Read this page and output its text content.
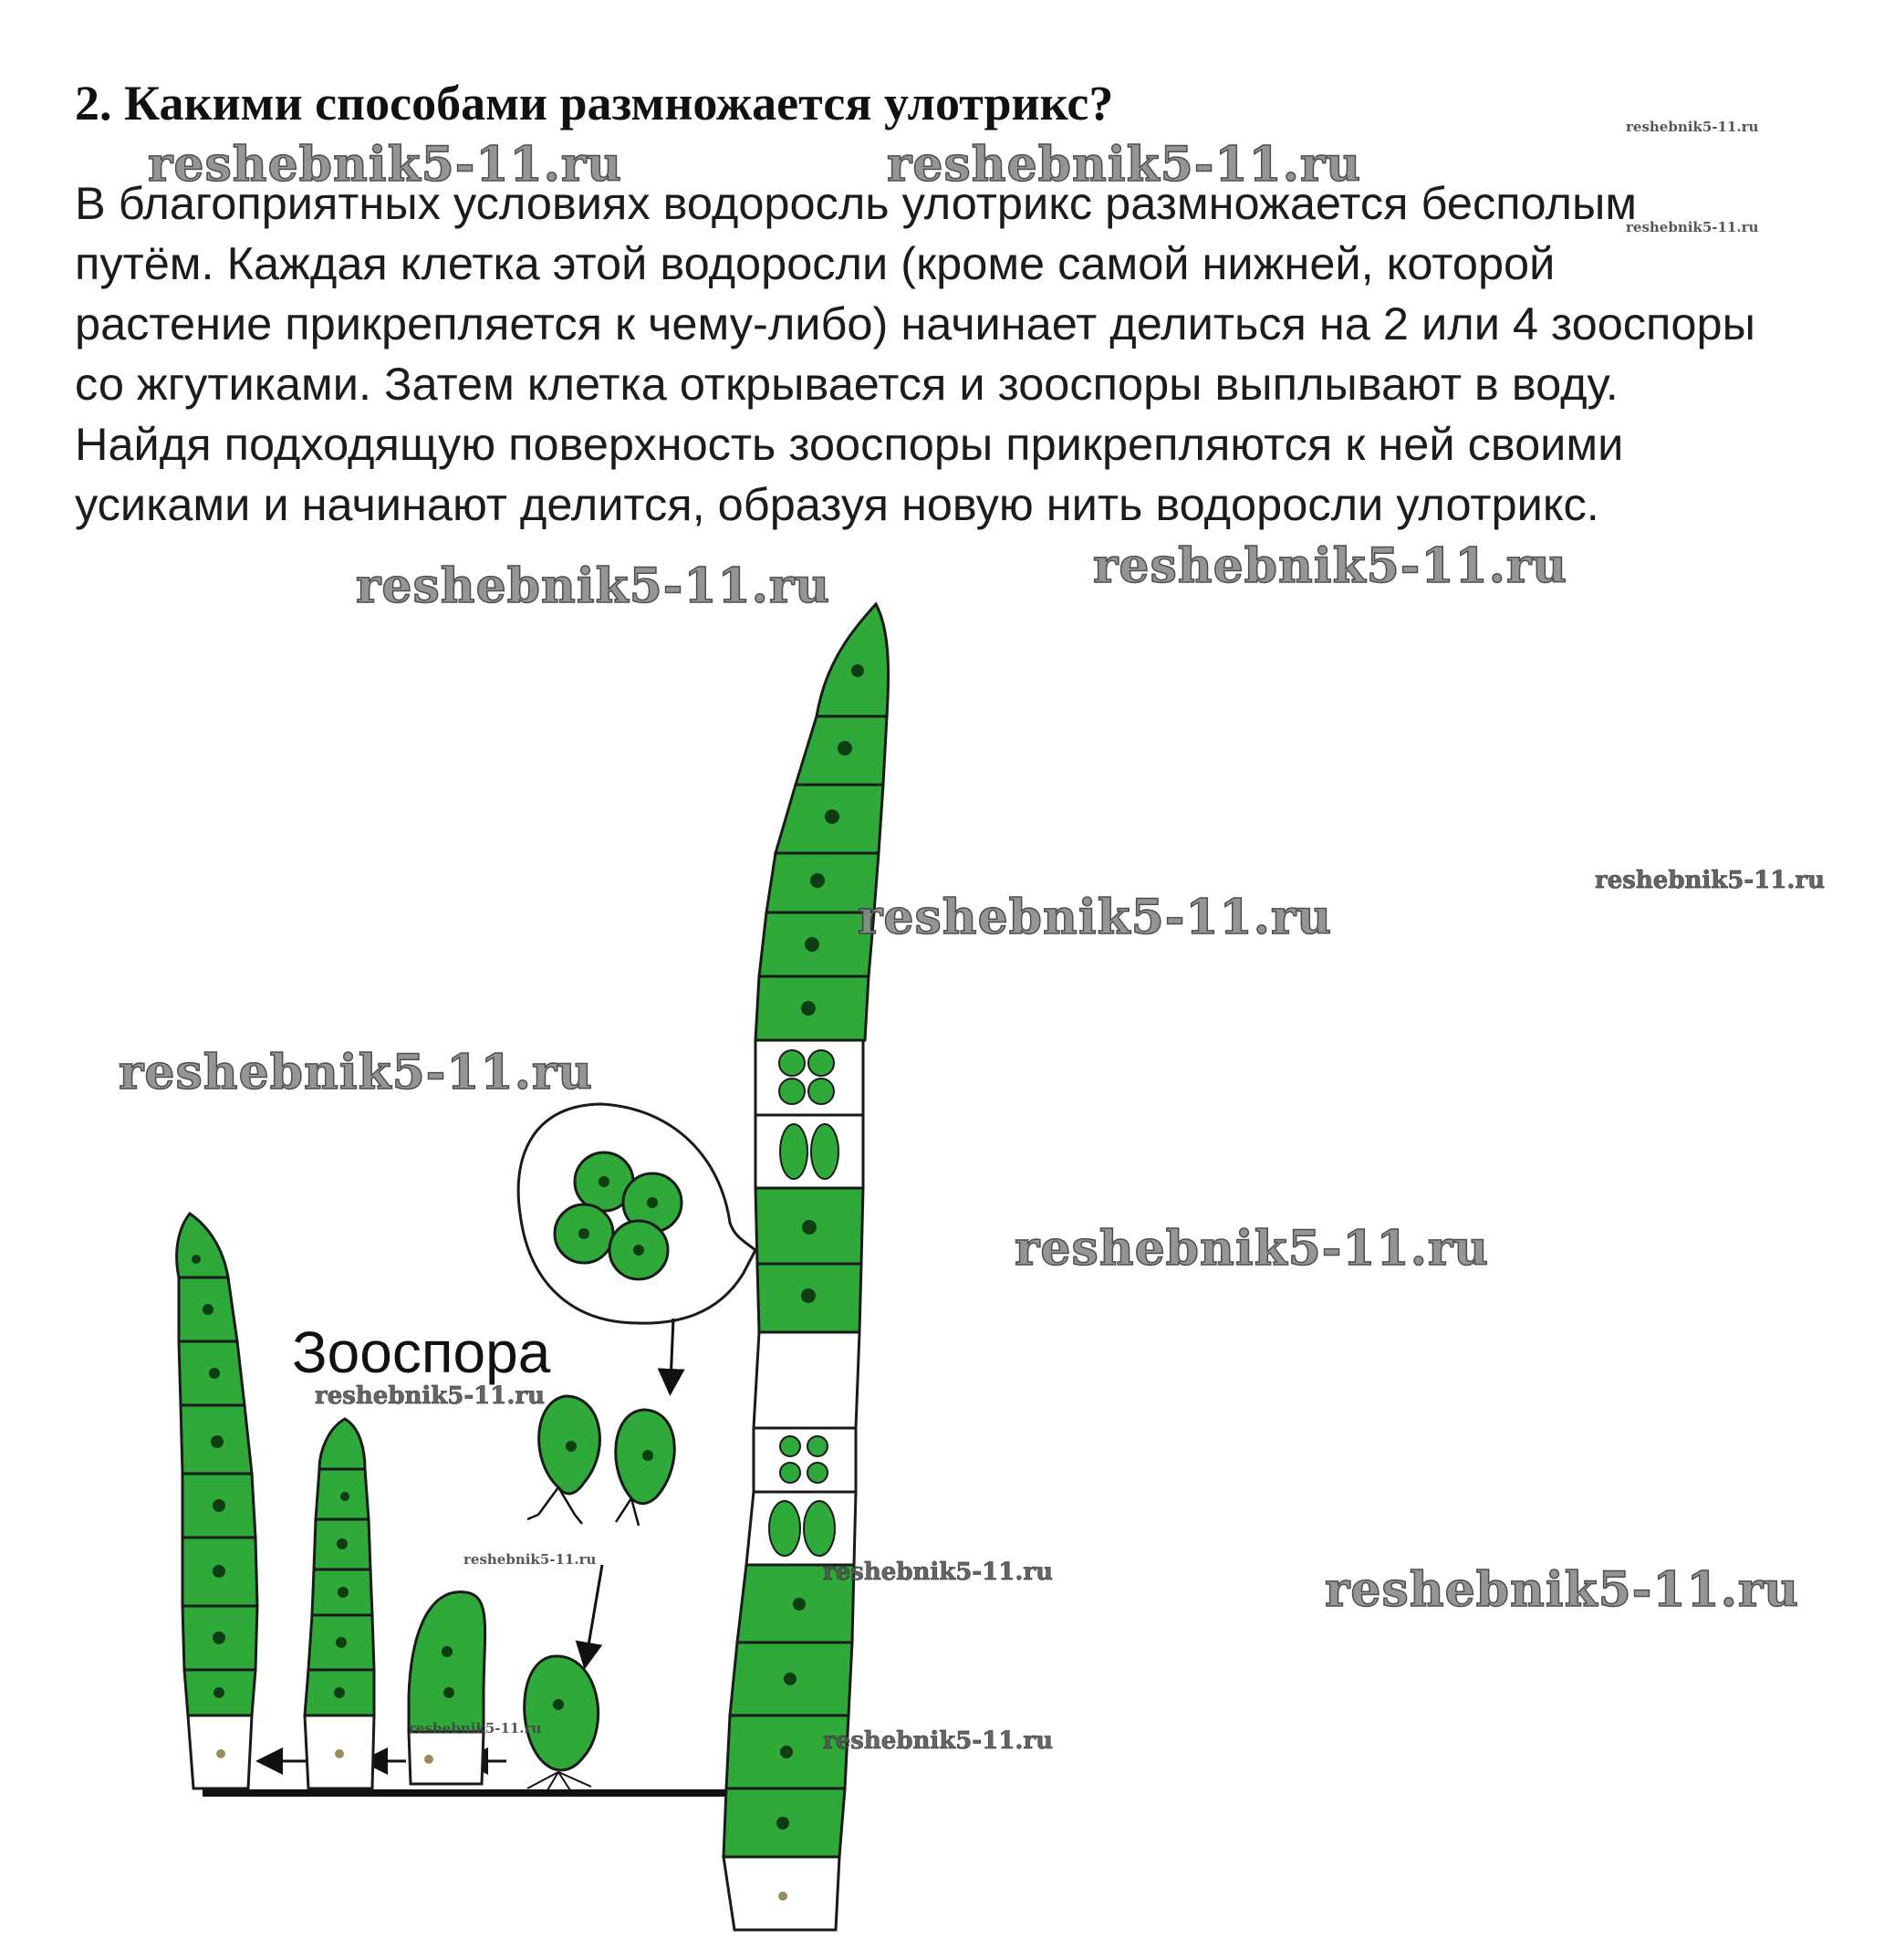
2. Какими способами размножается улотрикс?
В благоприятных условиях водоросль улотрикс размножается бесполым
путём. Каждая клетка этой водоросли (кроме самой нижней, которой
растение прикрепляется к чему-либо) начинает делиться на 2 или 4 зооспоры
со жгутиками. Затем клетка открывается и зооспоры выплывают в воду.
Найдя подходящую поверхность зооспоры прикрепляются к ней своими
усиками и начинают делится, образуя новую нить водоросли улотрикс.
Зооспора
reshebnik5-11.ru	reshebnik5-11.ru
reshebnik5-11.ru
reshebnik5-11.ru
reshebnik5-11.ru	reshebnik5-11.ru
reshebnik5-11.ru
reshebnik5-11.ru
reshebnik5-11.ru
reshebnik5-11.ru
reshebnik5-11.ru
reshebnik5-11.ru	reshebnik5-11.ru	reshebnik5-11.ru
reshebnik5-11.ru	reshebnik5-11.ru
